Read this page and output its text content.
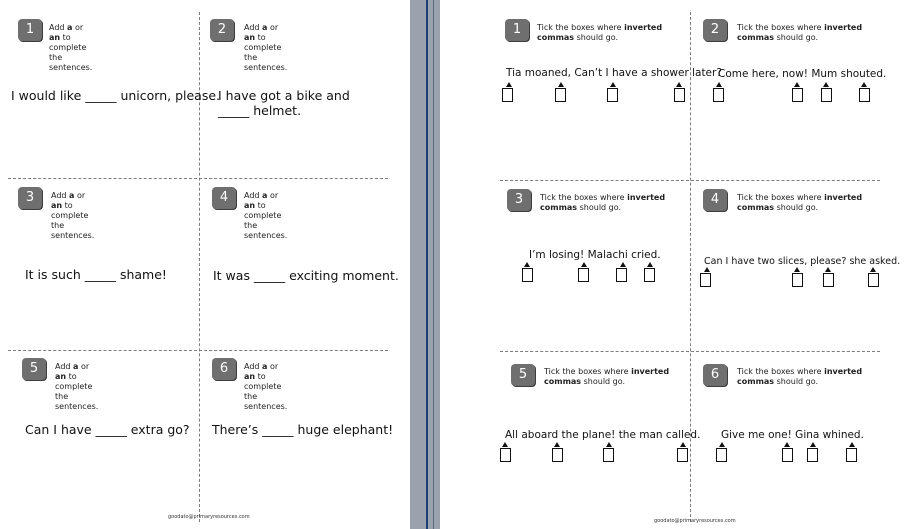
1	Add a or an to complete the sentences.
I would like _____ unicorn, please.
2	Add a or an to complete the sentences.
I have got a bike and _____ helmet.
3	Add a or an to complete the sentences.
It is such _____ shame!
4	Add a or an to complete the sentences.
It was _____ exciting moment.
5	Add a or an to complete the sentences.
Can I have _____ extra go?
6	Add a or an to complete the sentences.
There’s _____ huge elephant!
goodato@primaryresources.com
1	Tick the boxes where inverted commas should go.
Tia moaned, Can’t I have a shower later?
2	Tick the boxes where inverted commas should go.
Come here, now! Mum shouted.
3	Tick the boxes where inverted commas should go.
I’m losing! Malachi cried.
4	Tick the boxes where inverted commas should go.
Can I have two slices, please? she asked.
5	Tick the boxes where inverted commas should go.
All aboard the plane! the man called.
6	Tick the boxes where inverted commas should go.
Give me one! Gina whined.
goodato@primaryresources.com
